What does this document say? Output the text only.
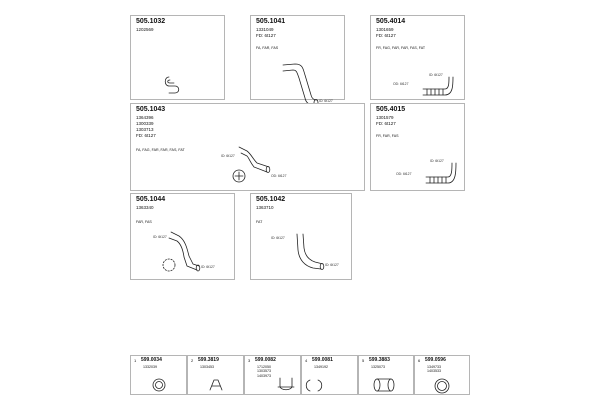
505.1032
1202569
505.1041
1331049
FD: 6t127
FA, FAR, FAS
ID: 6t127
505.4014
1301659
FD: 6t127
FR, FAG, FAR, FAR, FAS, FAT
OD: 6t127
ID: 6t127
505.1043
1364396
1300339
1303713
FD: 6t127
FA, FAG, FAR, FAR, FAS, FAT
ID: 6t127
OD: 6t127
505.4015
1301579
FD: 6t127
FR, FAR, FAS
ID: 6t127
OD: 6t127
505.1044
1363340
FAR, FAS
ID: 6t127
ID: 6t127
505.1042
1363710
FAT
ID: 6t127
ID: 6t127
1 599.0034
1332039
2 599.3819
1303453
3 599.0082
1712050
1303573
1403973
4 599.0081
1349192
5 599.3883
1325073
6 599.0596
1349733
1403533
